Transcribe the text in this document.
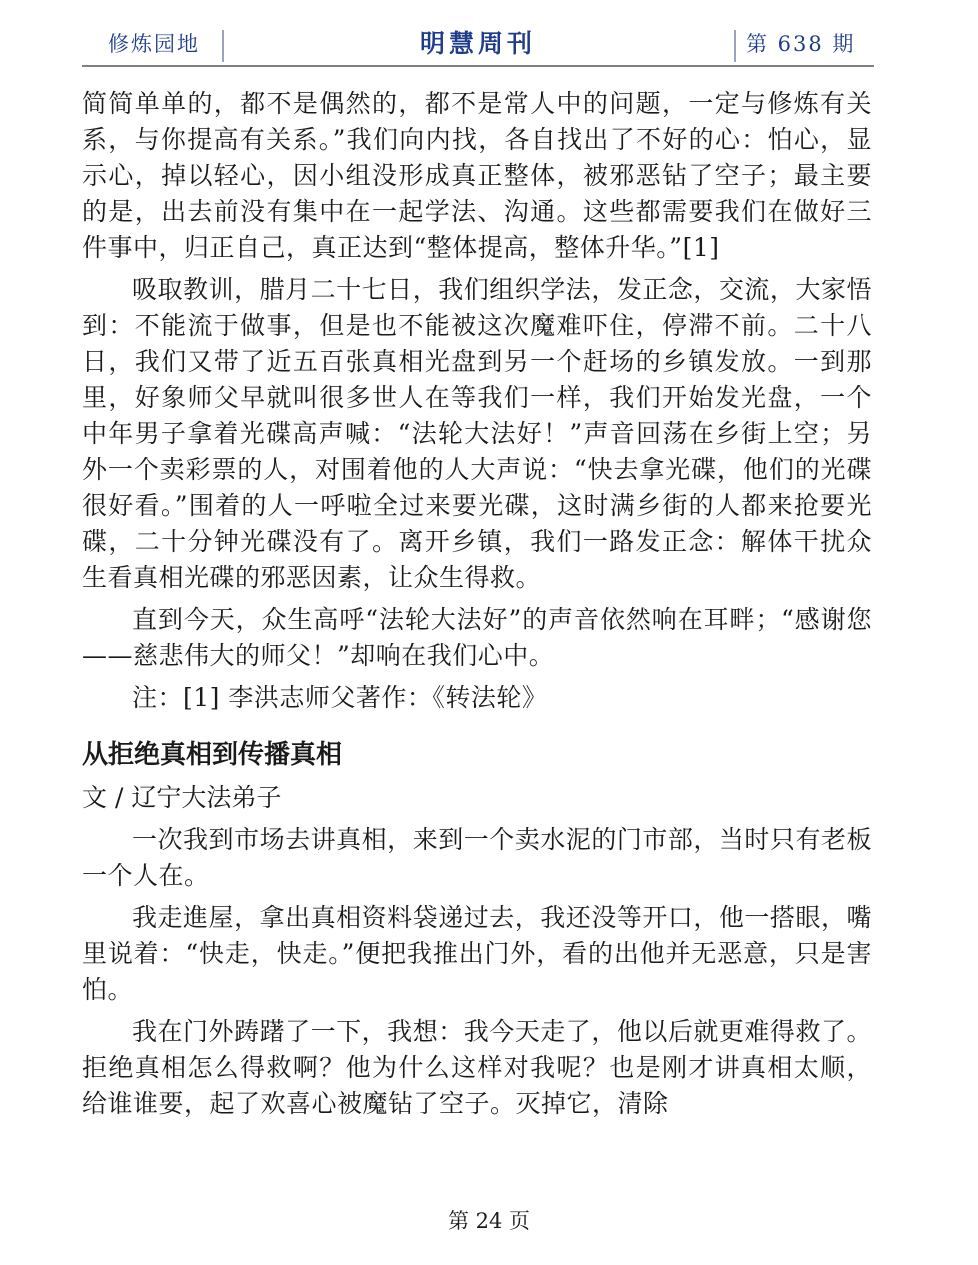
修炼园地	明慧周刊	第 638 期

简简单单的，都不是偶然的，都不是常人中的问题，一定与修炼有关系，与你提高有关系。”我们向内找，各自找出了不好的心：怕心，显示心，掉以轻心，因小组没形成真正整体，被邪恶钻了空子；最主要的是，出去前没有集中在一起学法、沟通。这些都需要我们在做好三件事中，归正自己，真正达到“整体提高，整体升华。”[1]

吸取教训，腊月二十七日，我们组织学法，发正念，交流，大家悟到：不能流于做事，但是也不能被这次魔难吓住，停滞不前。二十八日，我们又带了近五百张真相光盘到另一个赶场的乡镇发放。一到那里，好象师父早就叫很多世人在等我们一样，我们开始发光盘，一个中年男子拿着光碟高声喊：“法轮大法好！”声音回荡在乡街上空；另外一个卖彩票的人，对围着他的人大声说：“快去拿光碟，他们的光碟很好看。”围着的人一呼啦全过来要光碟，这时满乡街的人都来抢要光碟，二十分钟光碟没有了。离开乡镇，我们一路发正念：解体干扰众生看真相光碟的邪恶因素，让众生得救。

直到今天，众生高呼“法轮大法好”的声音依然响在耳畔；“感谢您——慈悲伟大的师父！”却响在我们心中。

注：[1] 李洪志师父著作：《转法轮》

从拒绝真相到传播真相

文 / 辽宁大法弟子

一次我到市场去讲真相，来到一个卖水泥的门市部，当时只有老板一个人在。

我走進屋，拿出真相资料袋递过去，我还没等开口，他一搭眼，嘴里说着：“快走，快走。”便把我推出门外，看的出他并无恶意，只是害怕。

我在门外踌躇了一下，我想：我今天走了，他以后就更难得救了。拒绝真相怎么得救啊？他为什么这样对我呢？也是刚才讲真相太顺，给谁谁要，起了欢喜心被魔钻了空子。灭掉它，清除

第 24 页
